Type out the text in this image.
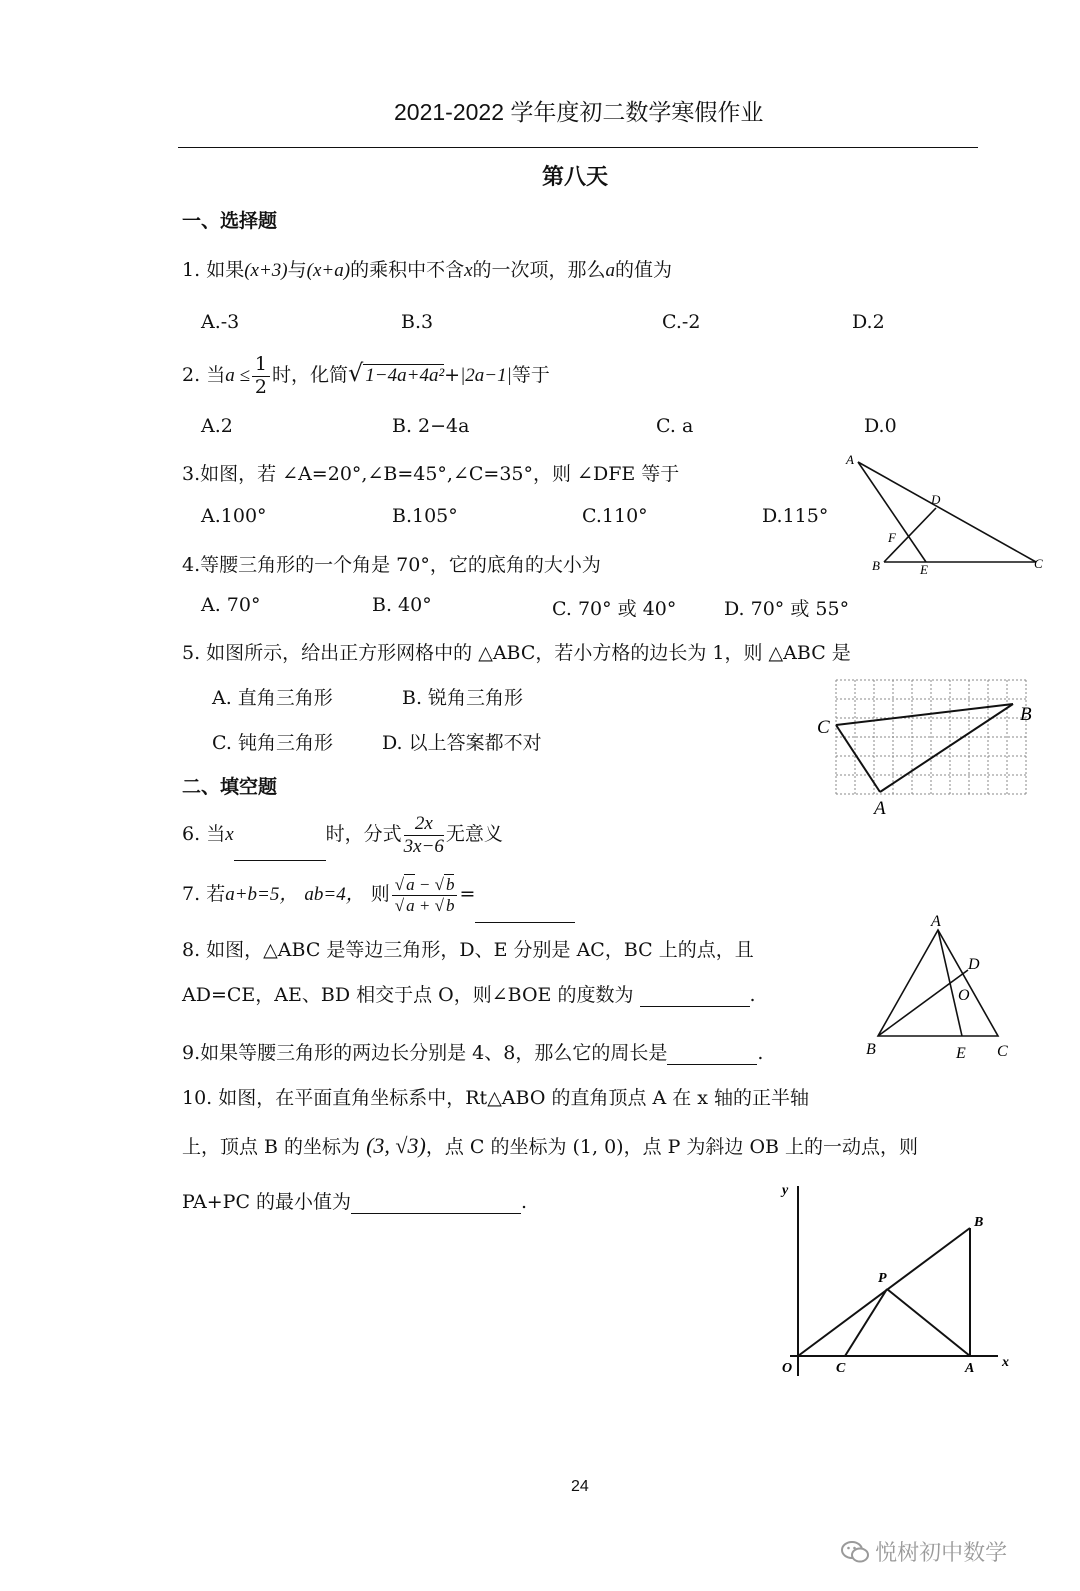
2021-2022 学年度初二数学寒假作业
第八天
一、选择题
1. 如果(x+3)与(x+a)的乘积中不含x的一次项，那么a的值为
A.-3	B.3	C.-2	D.2
2. 当$a \le \frac{1}{2}$ 时，化简√ 1−4a+4a²+|2a−1|等于
A.2	B. 2−4a	C. a	D.0
3.如图，若 ∠A=20°,∠B=45°,∠C=35°，则 ∠DFE 等于
A.100°	B.105°	C.110°	D.115°
A
D
F
B	E	C
4.等腰三角形的一个角是 70°，它的底角的大小为
A. 70°	B. 40°	C. 70° 或 40°	D. 70° 或 55°
5. 如图所示，给出正方形网格中的 △ABC，若小方格的边长为 1，则 △ABC 是
A. 直角三角形	B. 锐角三角形
C. 钝角三角形	D. 以上答案都不对
C
B
A
二、填空题
6. 当x	时，分式 $\frac{2x}{3x-6}$ 无意义
7. 若a+b=5， ab=4， 则 $\frac{√ a - √ b}{√ a + √ b}$ =
8. 如图，△ABC 是等边三角形，D、E 分别是 AC，BC 上的点，且
AD=CE，AE、BD 相交于点 O，则∠BOE 的度数为	.
A
D
O
B	E C
9.如果等腰三角形的两边长分别是 4、8，那么它的周长是	.
10. 如图，在平面直角坐标系中，Rt△ABO 的直角顶点 A 在 x 轴的正半轴
上，顶点 B 的坐标为 (3, √3)，点 C 的坐标为 (1, 0)，点 P 为斜边 OB 上的一动点，则
PA+PC 的最小值为	.
y
B
P
O	C	A x
24
悦树初中数学
